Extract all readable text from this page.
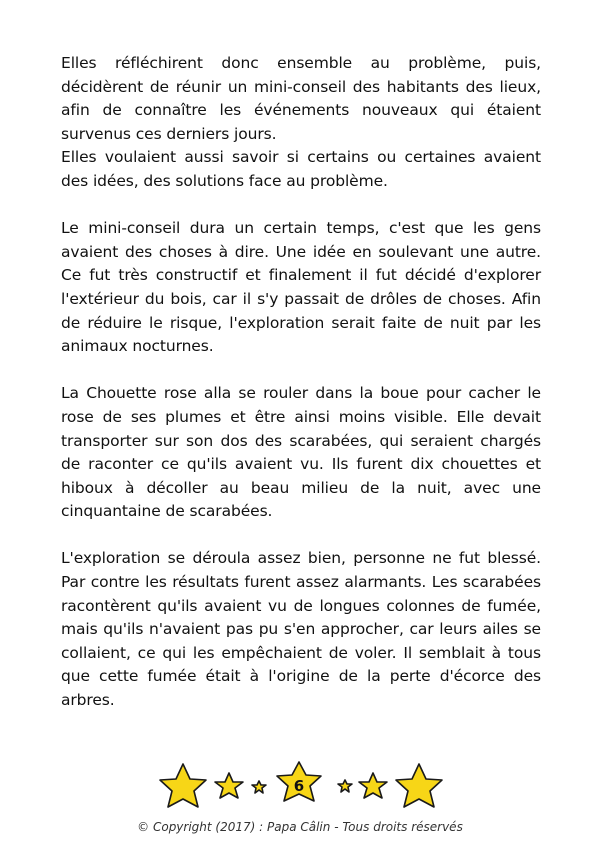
Elles réfléchirent donc ensemble au problème, puis, décidèrent de réunir un mini-conseil des habitants des lieux, afin de connaître les événements nouveaux qui étaient survenus ces derniers jours.

Elles voulaient aussi savoir si certains ou certaines avaient des idées, des solutions face au problème.

Le mini-conseil dura un certain temps, c'est que les gens avaient des choses à dire. Une idée en soulevant une autre. Ce fut très constructif et finalement il fut décidé d'explorer l'extérieur du bois, car il s'y passait de drôles de choses. Afin de réduire le risque, l'exploration serait faite de nuit par les animaux nocturnes.

La Chouette rose alla se rouler dans la boue pour cacher le rose de ses plumes et être ainsi moins visible. Elle devait transporter sur son dos des scarabées, qui seraient chargés de raconter ce qu'ils avaient vu. Ils furent dix chouettes et hiboux à décoller au beau milieu de la nuit, avec une cinquantaine de scarabées.

L'exploration se déroula assez bien, personne ne fut blessé. Par contre les résultats furent assez alarmants. Les scarabées racontèrent qu'ils avaient vu de longues colonnes de fumée, mais qu'ils n'avaient pas pu s'en approcher, car leurs ailes se collaient, ce qui les empêchaient de voler. Il semblait à tous que cette fumée était à l'origine de la perte d'écorce des arbres.

6
© Copyright (2017) : Papa Câlin - Tous droits réservés
